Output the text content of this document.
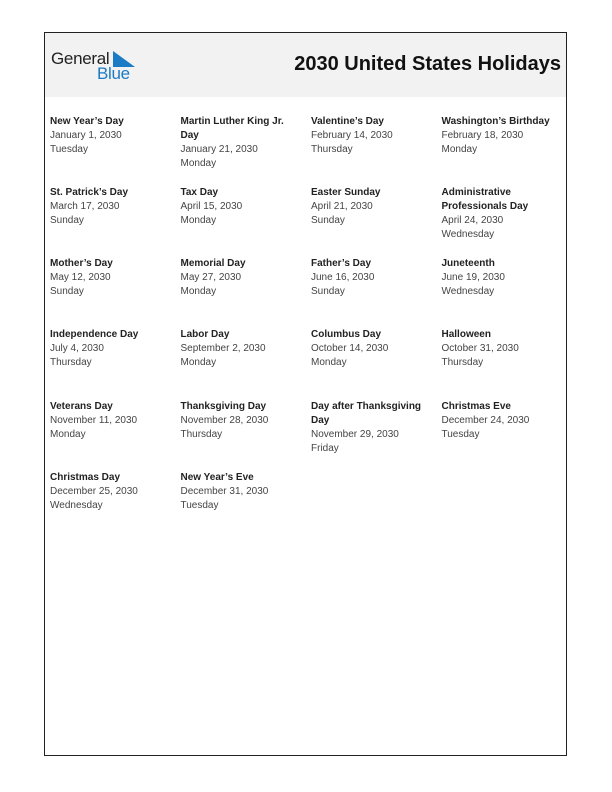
General
Blue	2030 United States Holidays
New Year’s Day
January 1, 2030
Tuesday
Martin Luther King Jr. Day
January 21, 2030
Monday
Valentine’s Day
February 14, 2030
Thursday
Washington’s Birthday
February 18, 2030
Monday
St. Patrick’s Day
March 17, 2030
Sunday
Tax Day
April 15, 2030
Monday
Easter Sunday
April 21, 2030
Sunday
Administrative Professionals Day
April 24, 2030
Wednesday
Mother’s Day
May 12, 2030
Sunday
Memorial Day
May 27, 2030
Monday
Father’s Day
June 16, 2030
Sunday
Juneteenth
June 19, 2030
Wednesday
Independence Day
July 4, 2030
Thursday
Labor Day
September 2, 2030
Monday
Columbus Day
October 14, 2030
Monday
Halloween
October 31, 2030
Thursday
Veterans Day
November 11, 2030
Monday
Thanksgiving Day
November 28, 2030
Thursday
Day after Thanksgiving Day
November 29, 2030
Friday
Christmas Eve
December 24, 2030
Tuesday
Christmas Day
December 25, 2030
Wednesday
New Year’s Eve
December 31, 2030
Tuesday
